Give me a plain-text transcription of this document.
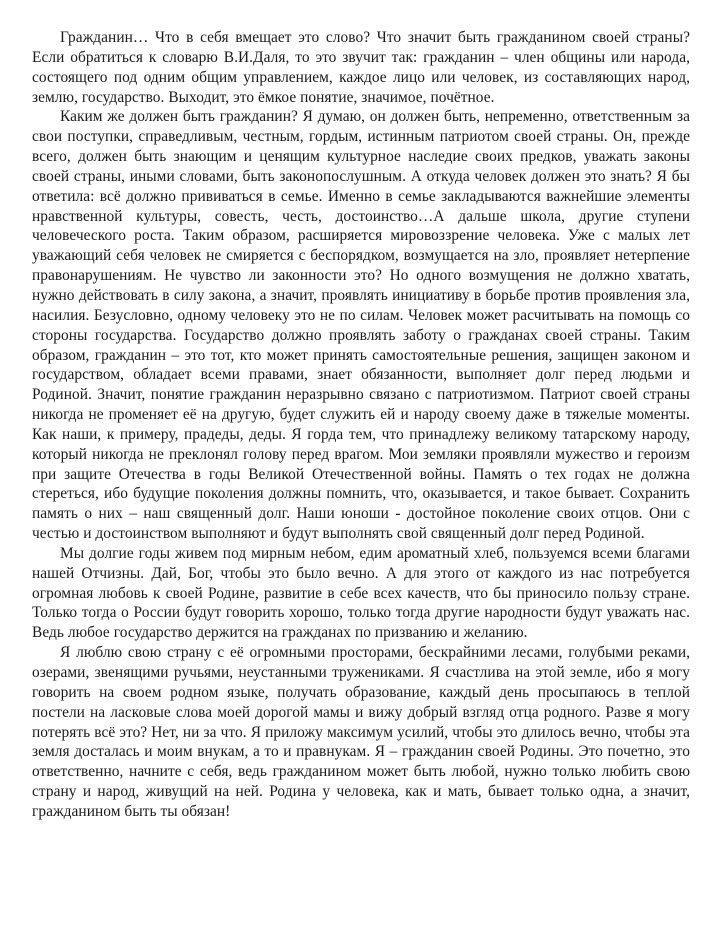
Гражданин… Что в себя вмещает это слово? Что значит быть гражданином своей страны? Если обратиться к словарю В.И.Даля, то это звучит так: гражданин – член общины или народа, состоящего под одним общим управлением, каждое лицо или человек, из составляющих народ, землю, государство. Выходит, это ёмкое понятие, значимое, почётное.

Каким же должен быть гражданин? Я думаю, он должен быть, непременно, ответственным за свои поступки, справедливым, честным, гордым, истинным патриотом своей страны. Он, прежде всего, должен быть знающим и ценящим культурное наследие своих предков, уважать законы своей страны, иными словами, быть законопослушным. А откуда человек должен это знать? Я бы ответила: всё должно прививаться в семье. Именно в семье закладываются важнейшие элементы нравственной культуры, совесть, честь, достоинство…А дальше школа, другие ступени человеческого роста. Таким образом, расширяется мировоззрение человека. Уже с малых лет уважающий себя человек не смиряется с беспорядком, возмущается на зло, проявляет нетерпение правонарушениям. Не чувство ли законности это? Но одного возмущения не должно хватать, нужно действовать в силу закона, а значит, проявлять инициативу в борьбе против проявления зла, насилия. Безусловно, одному человеку это не по силам. Человек может расчитывать на помощь со стороны государства. Государство должно проявлять заботу о гражданах своей страны. Таким образом, гражданин – это тот, кто может принять самостоятельные решения, защищен законом и государством, обладает всеми правами, знает обязанности, выполняет долг перед людьми и Родиной. Значит, понятие гражданин неразрывно связано с патриотизмом. Патриот своей страны никогда не променяет её на другую, будет служить ей и народу своему даже в тяжелые моменты. Как наши, к примеру, прадеды, деды. Я горда тем, что принадлежу великому татарскому народу, который никогда не преклонял голову перед врагом. Мои земляки проявляли мужество и героизм при защите Отечества в годы Великой Отечественной войны. Память о тех годах не должна стереться, ибо будущие поколения должны помнить, что, оказывается, и такое бывает. Сохранить память о них – наш священный долг. Наши юноши - достойное поколение своих отцов. Они с честью и достоинством выполняют и будут выполнять свой священный долг перед Родиной.

Мы долгие годы живем под мирным небом, едим ароматный хлеб, пользуемся всеми благами нашей Отчизны. Дай, Бог, чтобы это было вечно. А для этого от каждого из нас потребуется огромная любовь к своей Родине, развитие в себе всех качеств, что бы приносило пользу стране. Только тогда о России будут говорить хорошо, только тогда другие народности будут уважать нас. Ведь любое государство держится на гражданах по призванию и желанию.

Я люблю свою страну с её огромными просторами, бескрайними лесами, голубыми реками, озерами, звенящими ручьями, неустанными тружениками. Я счастлива на этой земле, ибо я могу говорить на своем родном языке, получать образование, каждый день просыпаюсь в теплой постели на ласковые слова моей дорогой мамы и вижу добрый взгляд отца родного. Разве я могу потерять всё это? Нет, ни за что. Я приложу максимум усилий, чтобы это длилось вечно, чтобы эта земля досталась и моим внукам, а то и правнукам. Я – гражданин своей Родины. Это почетно, это ответственно, начните с себя, ведь гражданином может быть любой, нужно только любить свою страну и народ, живущий на ней. Родина у человека, как и мать, бывает только одна, а значит, гражданином быть ты обязан!
